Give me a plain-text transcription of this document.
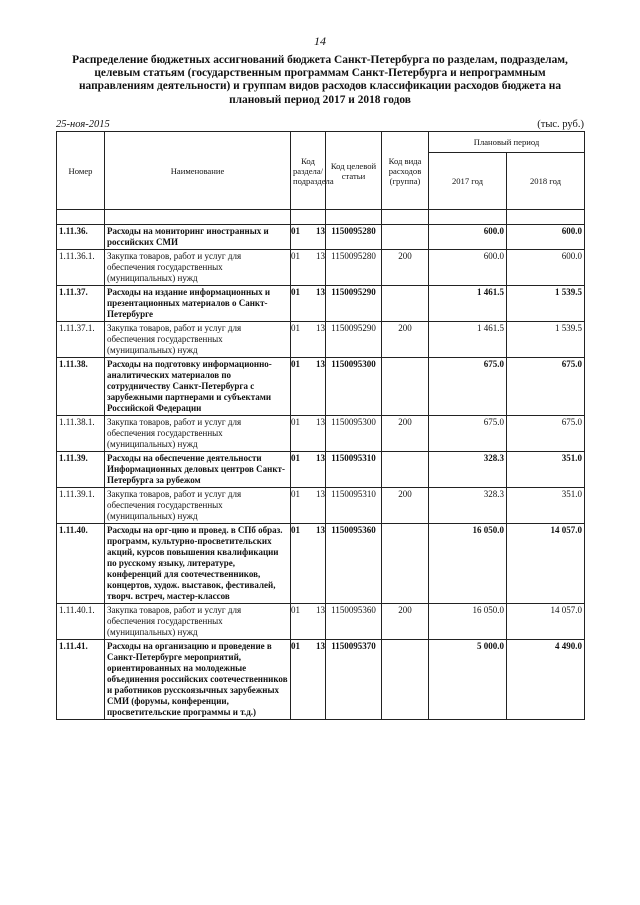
14
Распределение бюджетных ассигнований бюджета Санкт-Петербурга по разделам, подразделам, целевым статьям (государственным программам Санкт-Петербурга и непрограммным направлениям деятельности) и группам видов расходов классификации расходов бюджета на плановый период 2017 и 2018 годов
25-ноя-2015	(тыс. руб.)
Номер	Наименование	Код раздела/подраздела	Код целевой статьи	Код вида расходов (группа)	Плановый период	
					2017 год	2018 год

1.11.36.	Расходы на мониторинг иностранных и российских СМИ	01 13	1150095280		600.0	600.0
1.11.36.1.	Закупка товаров, работ и услуг для обеспечения государственных (муниципальных) нужд	01 13	1150095280	200	600.0	600.0
1.11.37.	Расходы на издание информационных и презентационных материалов о Санкт-Петербурге	01 13	1150095290		1 461.5	1 539.5
1.11.37.1.	Закупка товаров, работ и услуг для обеспечения государственных (муниципальных) нужд	01 13	1150095290	200	1 461.5	1 539.5
1.11.38.	Расходы на подготовку информационно-аналитических материалов по сотрудничеству Санкт-Петербурга с зарубежными партнерами и субъектами Российской Федерации	01 13	1150095300		675.0	675.0
1.11.38.1.	Закупка товаров, работ и услуг для обеспечения государственных (муниципальных) нужд	01 13	1150095300	200	675.0	675.0
1.11.39.	Расходы на обеспечение деятельности Информационных деловых центров Санкт-Петербурга за рубежом	01 13	1150095310		328.3	351.0
1.11.39.1.	Закупка товаров, работ и услуг для обеспечения государственных (муниципальных) нужд	01 13	1150095310	200	328.3	351.0
1.11.40.	Расходы на орг-цию и провед. в СПб образ. программ, культурно-просветительских акций, курсов повышения квалификации по русскому языку, литературе, конференций для соотечественников, концертов, худож. выставок, фестивалей, творч. встреч, мастер-классов	01 13	1150095360		16 050.0	14 057.0
1.11.40.1.	Закупка товаров, работ и услуг для обеспечения государственных (муниципальных) нужд	01 13	1150095360	200	16 050.0	14 057.0
1.11.41.	Расходы на организацию и проведение в Санкт-Петербурге мероприятий, ориентированных на молодежные объединения российских соотечественников и работников русскоязычных зарубежных СМИ (форумы, конференции, просветительские программы и т.д.)	01 13	1150095370		5 000.0	4 490.0
